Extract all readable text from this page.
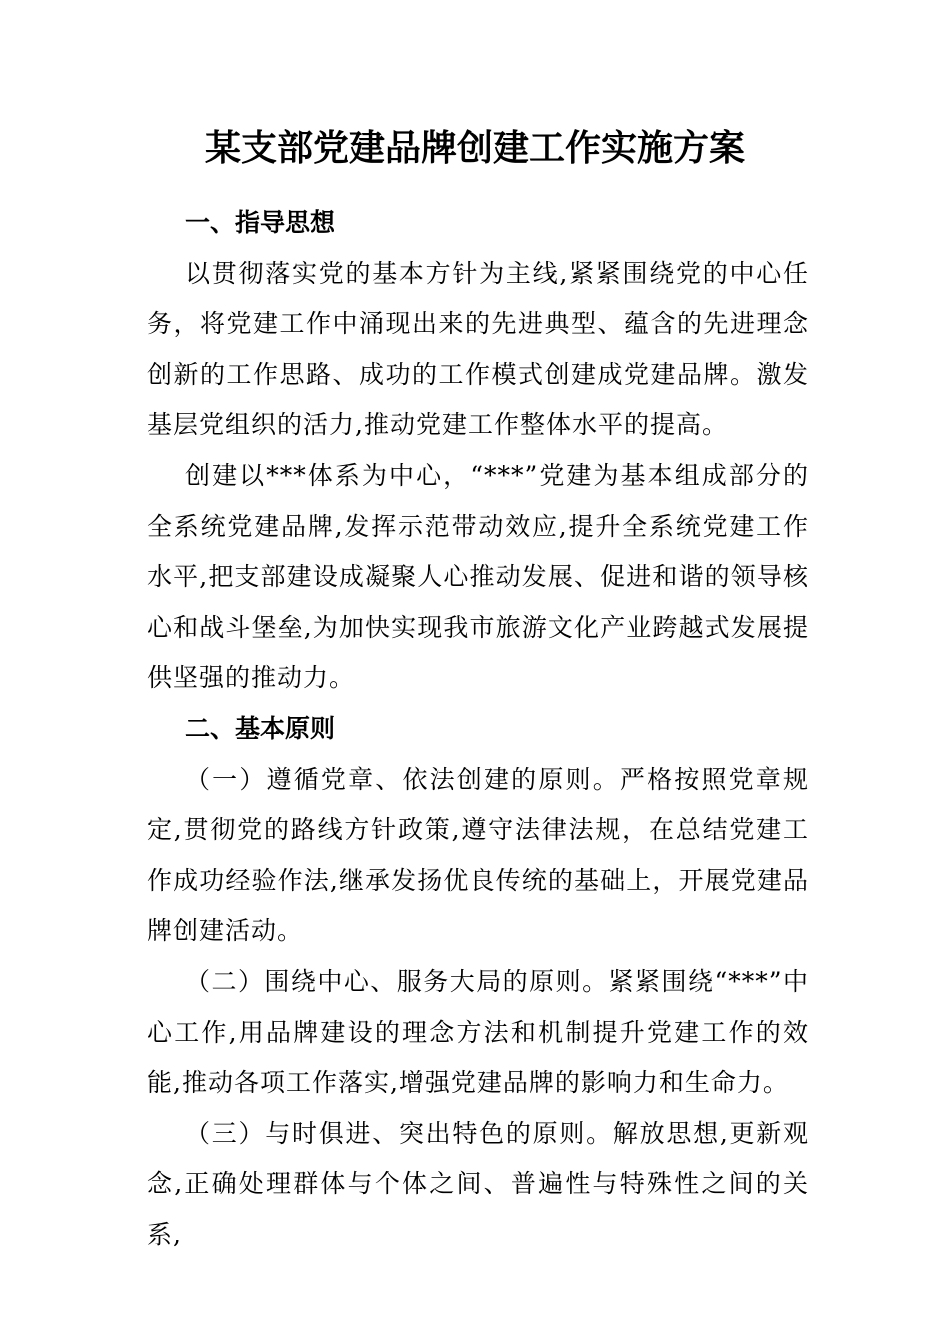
某支部党建品牌创建工作实施方案

一、指导思想

以贯彻落实党的基本方针为主线,紧紧围绕党的中心任务，将党建工作中涌现出来的先进典型、蕴含的先进理念创新的工作思路、成功的工作模式创建成党建品牌。激发基层党组织的活力,推动党建工作整体水平的提高。

创建以***体系为中心，“***”党建为基本组成部分的全系统党建品牌,发挥示范带动效应,提升全系统党建工作水平,把支部建设成凝聚人心推动发展、促进和谐的领导核心和战斗堡垒,为加快实现我市旅游文化产业跨越式发展提供坚强的推动力。

二、基本原则

（一）遵循党章、依法创建的原则。严格按照党章规定,贯彻党的路线方针政策,遵守法律法规，在总结党建工作成功经验作法,继承发扬优良传统的基础上，开展党建品牌创建活动。

（二）围绕中心、服务大局的原则。紧紧围绕“***”中心工作,用品牌建设的理念方法和机制提升党建工作的效能,推动各项工作落实,增强党建品牌的影响力和生命力。

（三）与时俱进、突出特色的原则。解放思想,更新观念,正确处理群体与个体之间、普遍性与特殊性之间的关系,
